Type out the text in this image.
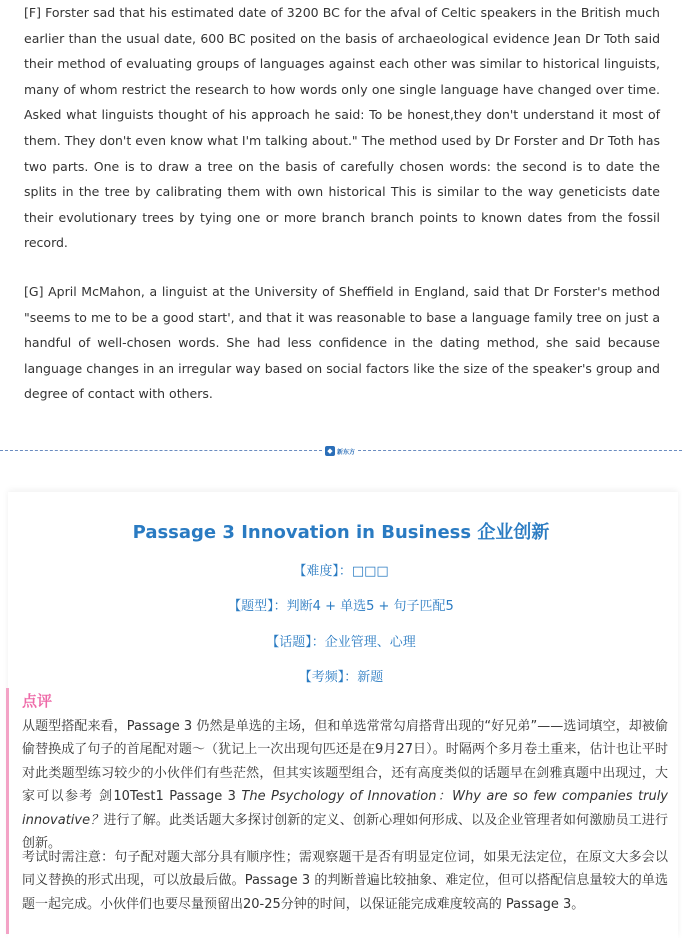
[F] Forster sad that his estimated date of 3200 BC for the afval of Celtic speakers in the British much earlier than the usual date, 600 BC posited on the basis of archaeological evidence Jean Dr Toth said their method of evaluating groups of languages against each other was similar to historical linguists, many of whom restrict the research to how words only one single language have changed over time. Asked what linguists thought of his approach he said: To be honest,they don't understand it most of them. They don't even know what I'm talking about." The method used by Dr Forster and Dr Toth has two parts. One is to draw a tree on the basis of carefully chosen words: the second is to date the splits in the tree by calibrating them with own historical This is similar to the way geneticists date their evolutionary trees by tying one or more branch branch points to known dates from the fossil record.

[G] April McMahon, a linguist at the University of Sheffield in England, said that Dr Forster's method "seems to me to be a good start', and that it was reasonable to base a language family tree on just a handful of well-chosen words. She had less confidence in the dating method, she said because language changes in an irregular way based on social factors like the size of the speaker's group and degree of contact with others.

◆ 新东方
Passage 3 Innovation in Business 企业创新
【难度】：□□□
【题型】：判断4 + 单选5 + 句子匹配5
【话题】：企业管理、心理
【考频】：新题
点评

从题型搭配来看，Passage 3 仍然是单选的主场，但和单选常常勾肩搭背出现的“好兄弟”——选词填空，却被偷偷替换成了句子的首尾配对题～（犹记上一次出现句匹还是在9月27日）。时隔两个多月卷土重来，估计也让平时对此类题型练习较少的小伙伴们有些茫然，但其实该题型组合，还有高度类似的话题早在剑雅真题中出现过，大家可以参考 剑10Test1 Passage 3 The Psychology of Innovation：Why are so few companies truly innovative？进行了解。此类话题大多探讨创新的定义、创新心理如何形成、以及企业管理者如何激励员工进行创新。

考试时需注意：句子配对题大部分具有顺序性；需观察题干是否有明显定位词，如果无法定位，在原文大多会以同义替换的形式出现，可以放最后做。Passage 3 的判断普遍比较抽象、难定位，但可以搭配信息量较大的单选题一起完成。小伙伴们也要尽量预留出20-25分钟的时间，以保证能完成难度较高的 Passage 3。
